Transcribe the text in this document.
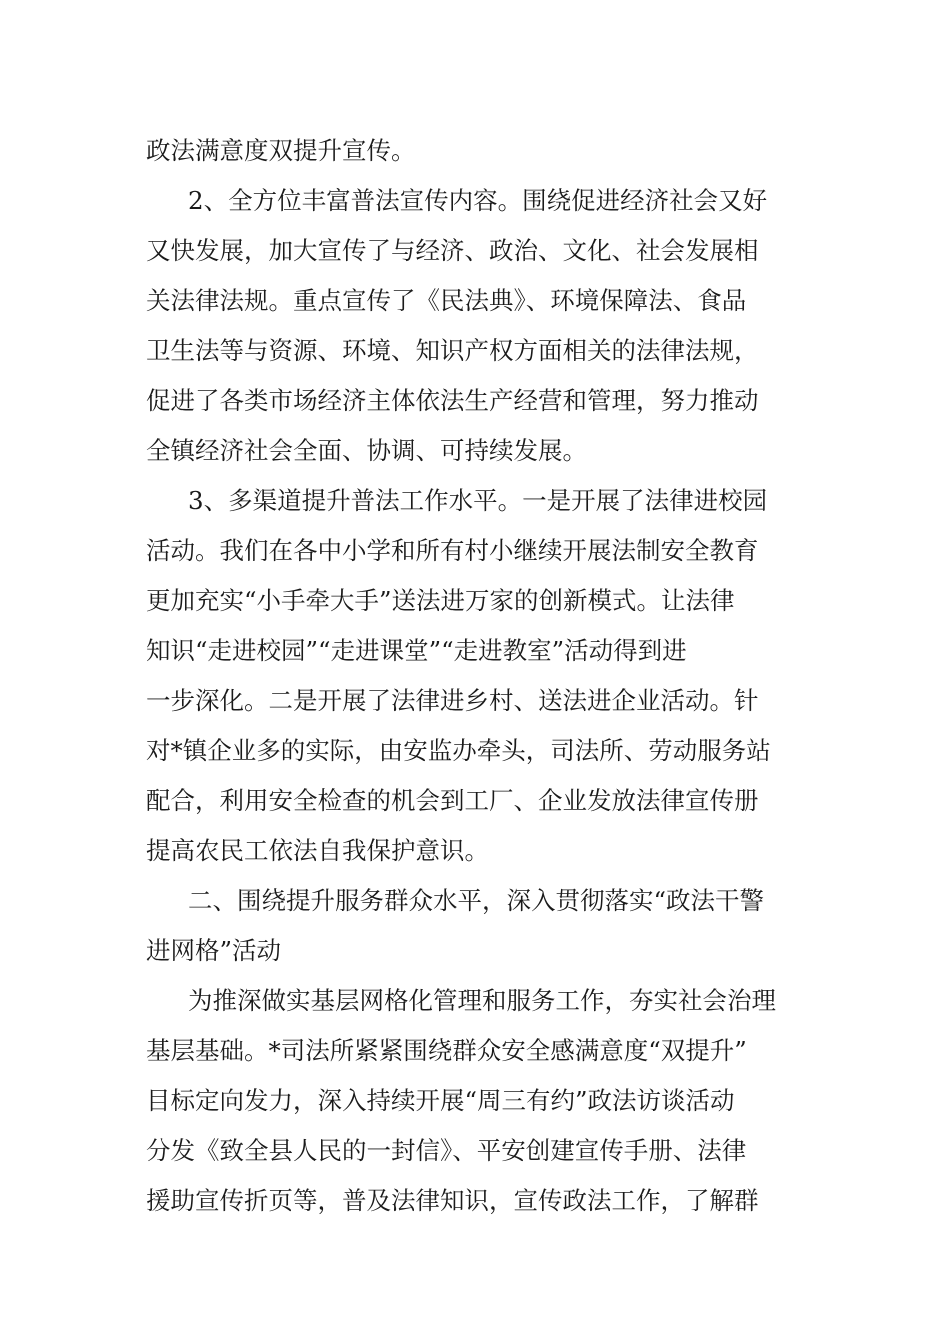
政法满意度双提升宣传。
2、全方位丰富普法宣传内容。围绕促进经济社会又好
又快发展，加大宣传了与经济、政治、文化、社会发展相
关法律法规。重点宣传了《民法典》、环境保障法、食品
卫生法等与资源、环境、知识产权方面相关的法律法规，
促进了各类市场经济主体依法生产经营和管理，努力推动
全镇经济社会全面、协调、可持续发展。
3、多渠道提升普法工作水平。一是开展了法律进校园
活动。我们在各中小学和所有村小继续开展法制安全教育
更加充实“小手牵大手”送法进万家的创新模式。让法律
知识“走进校园”“走进课堂”“走进教室”活动得到进
一步深化。二是开展了法律进乡村、送法进企业活动。针
对*镇企业多的实际，由安监办牵头，司法所、劳动服务站
配合，利用安全检查的机会到工厂、企业发放法律宣传册
提高农民工依法自我保护意识。
二、围绕提升服务群众水平，深入贯彻落实“政法干警
进网格”活动
为推深做实基层网格化管理和服务工作，夯实社会治理
基层基础。*司法所紧紧围绕群众安全感满意度“双提升”
目标定向发力，深入持续开展“周三有约”政法访谈活动
分发《致全县人民的一封信》、平安创建宣传手册、法律
援助宣传折页等，普及法律知识，宣传政法工作，了解群
